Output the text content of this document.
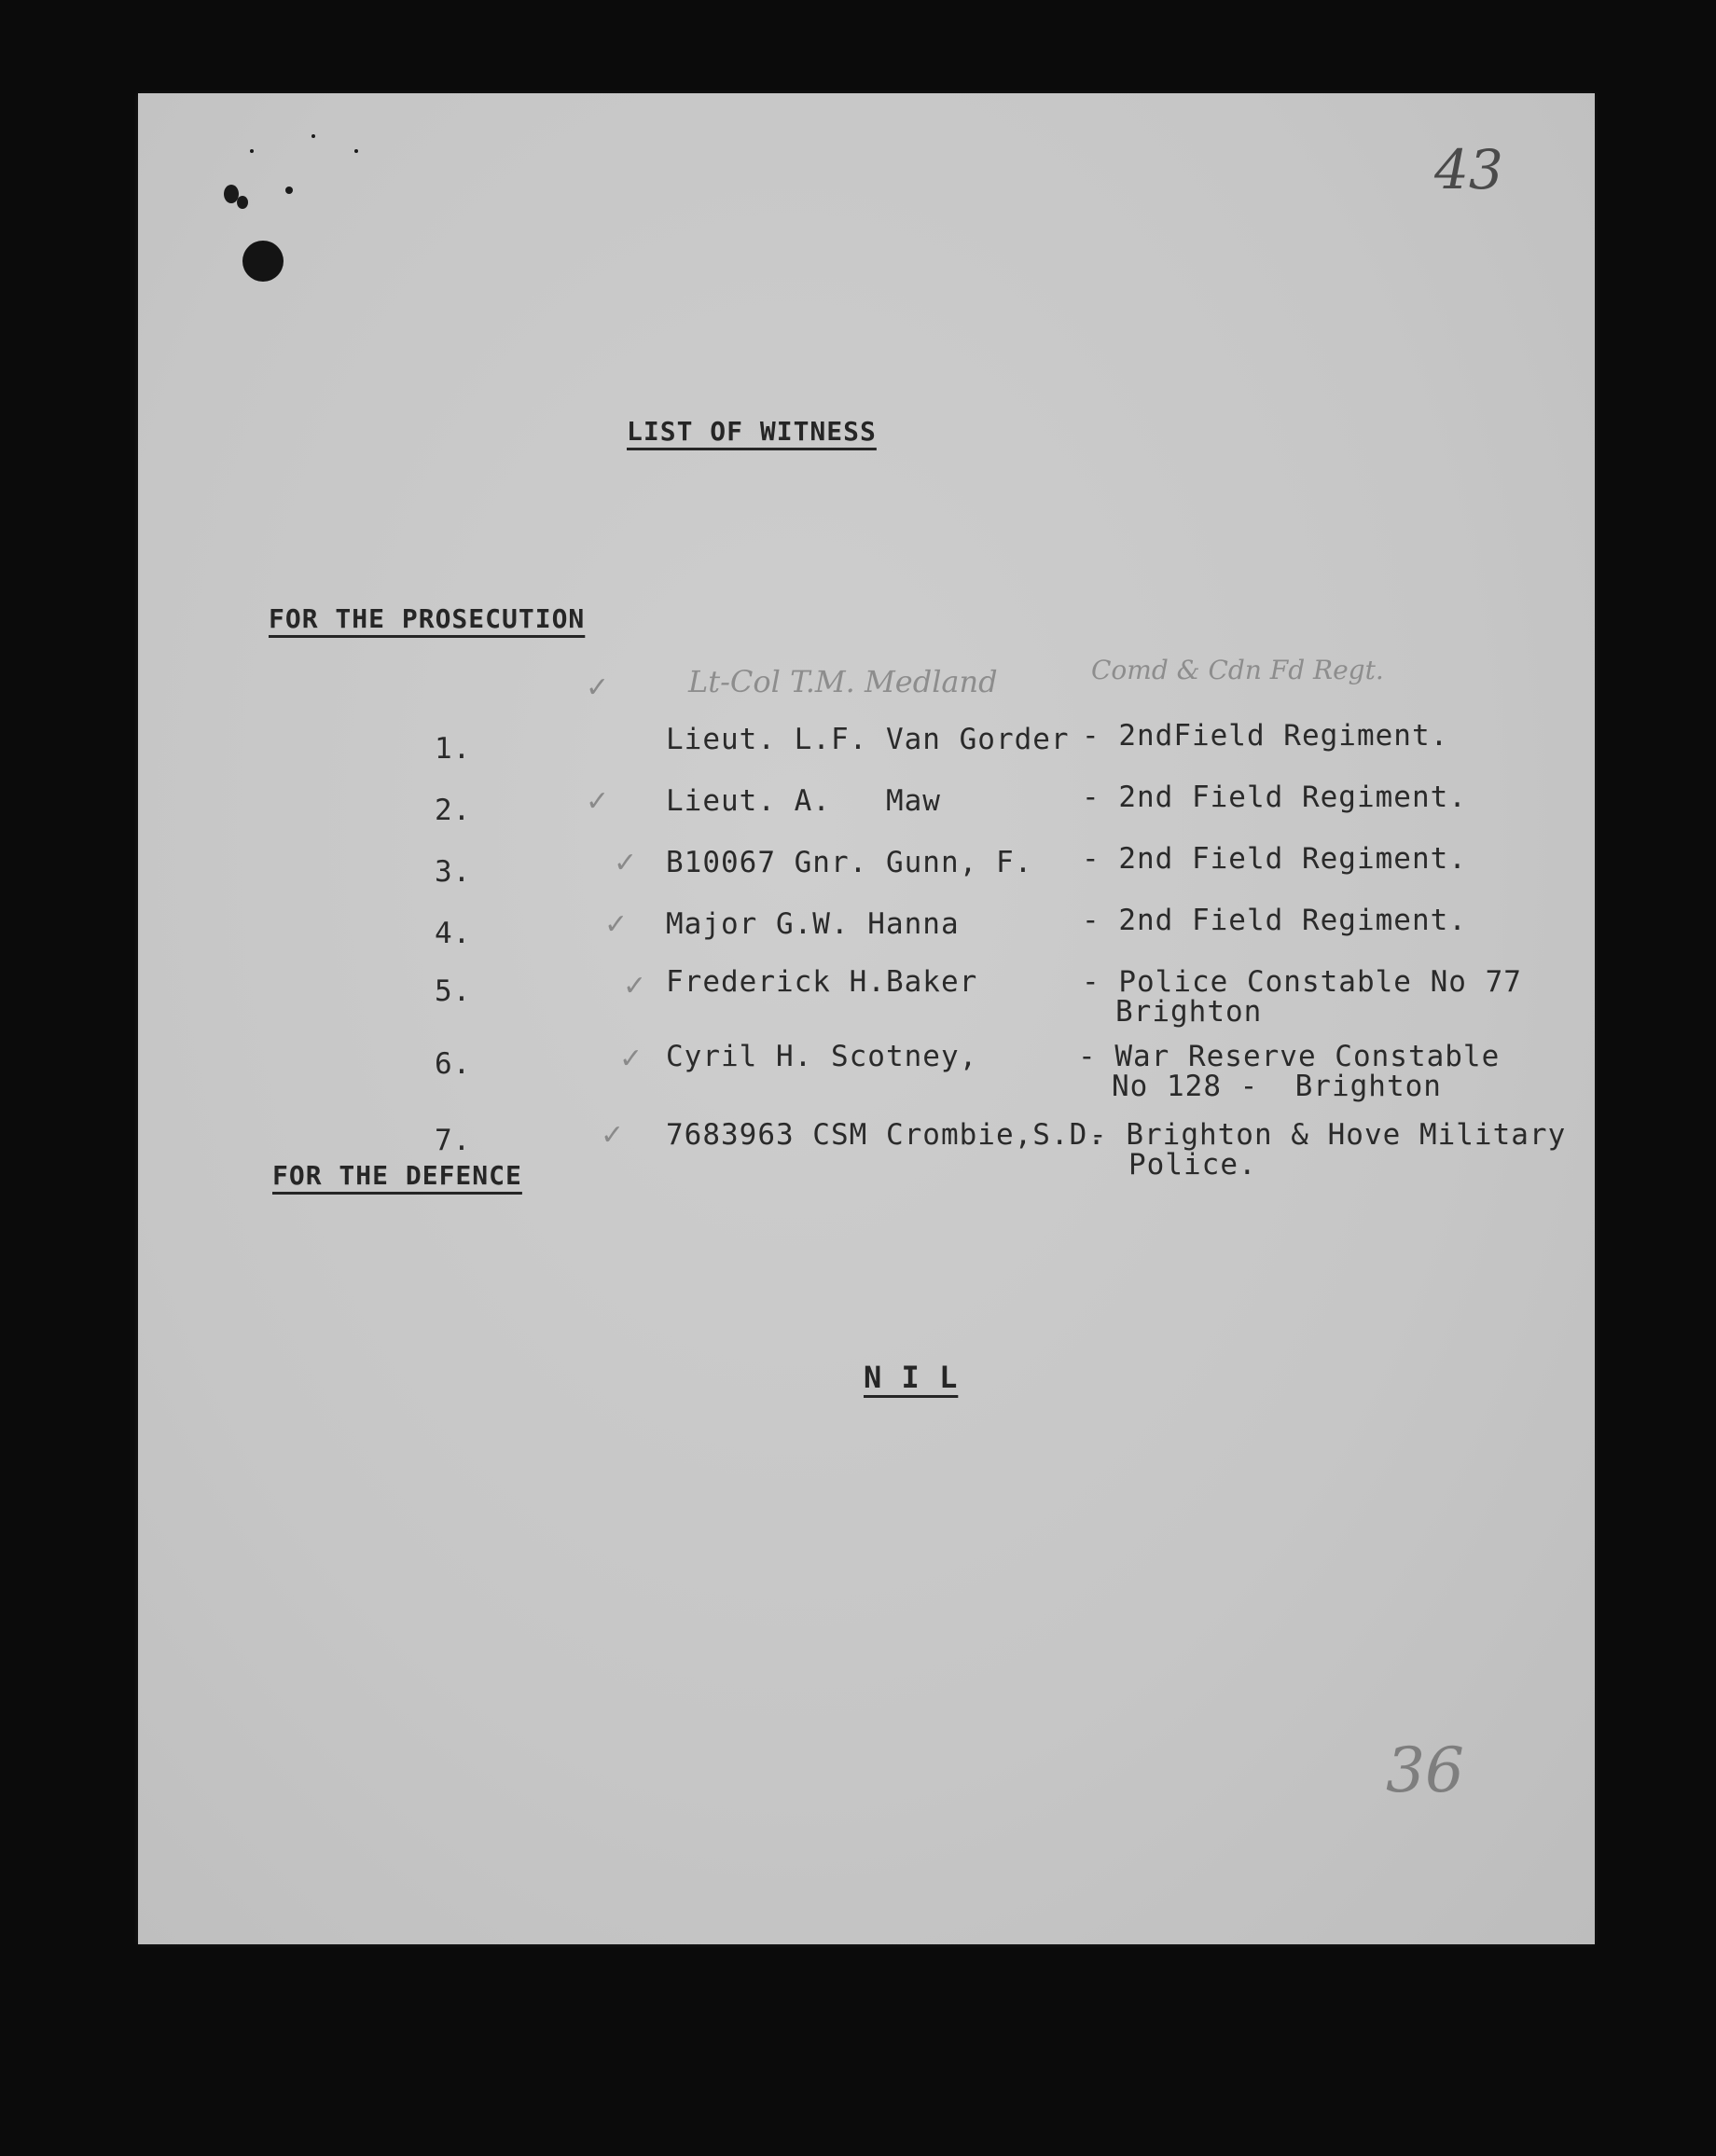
43
LIST OF WITNESS
FOR THE PROSECUTION
Lt-Col T.M. Medland	Comd & Cdn Fd Regt.
✓
1.	Lieut. L.F. Van Gorder - 2ndField Regiment.
✓
2.	Lieut. A.   Maw	- 2nd Field Regiment.
✓
3.	B10067 Gnr. Gunn, F. - 2nd Field Regiment.
✓
4.	Major G.W. Hanna	- 2nd Field Regiment.
✓
5.	Frederick H.Baker	- Police Constable No 77
Brighton
✓
6.	Cyril H. Scotney,	- War Reserve Constable
No 128 -  Brighton
✓
7.	7683963 CSM Crombie,S.D.
- Brighton & Hove Military
Police.
FOR THE DEFENCE
N I L
36
